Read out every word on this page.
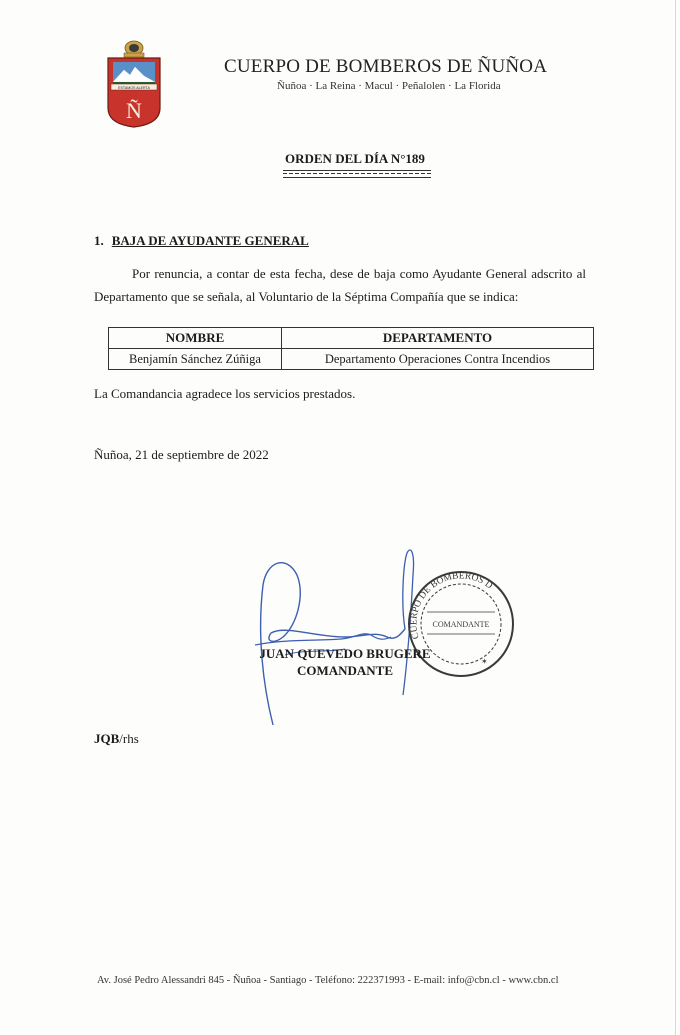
ESTAMOS ALERTA
Ñ
CUERPO DE BOMBEROS DE ÑUÑOA
Ñuñoa · La Reina · Macul · Peñalolen · La Florida
ORDEN DEL DÍA N°189
1. BAJA DE AYUDANTE GENERAL
Por renuncia, a contar de esta fecha, dese de baja como Ayudante General adscrito al Departamento que se señala, al Voluntario de la Séptima Compañía que se indica:
NOMBRE	DEPARTAMENTO
Benjamín Sánchez Zúñiga	Departamento Operaciones Contra Incendios
La Comandancia agradece los servicios prestados.
Ñuñoa, 21 de septiembre de 2022
CUERPO DE BOMBEROS D
COMANDANTE
✶
JUAN QUEVEDO BRUGERE
COMANDANTE
JQB/rhs
Av. José Pedro Alessandri 845 - Ñuñoa - Santiago - Teléfono: 222371993 - E-mail: info@cbn.cl - www.cbn.cl
